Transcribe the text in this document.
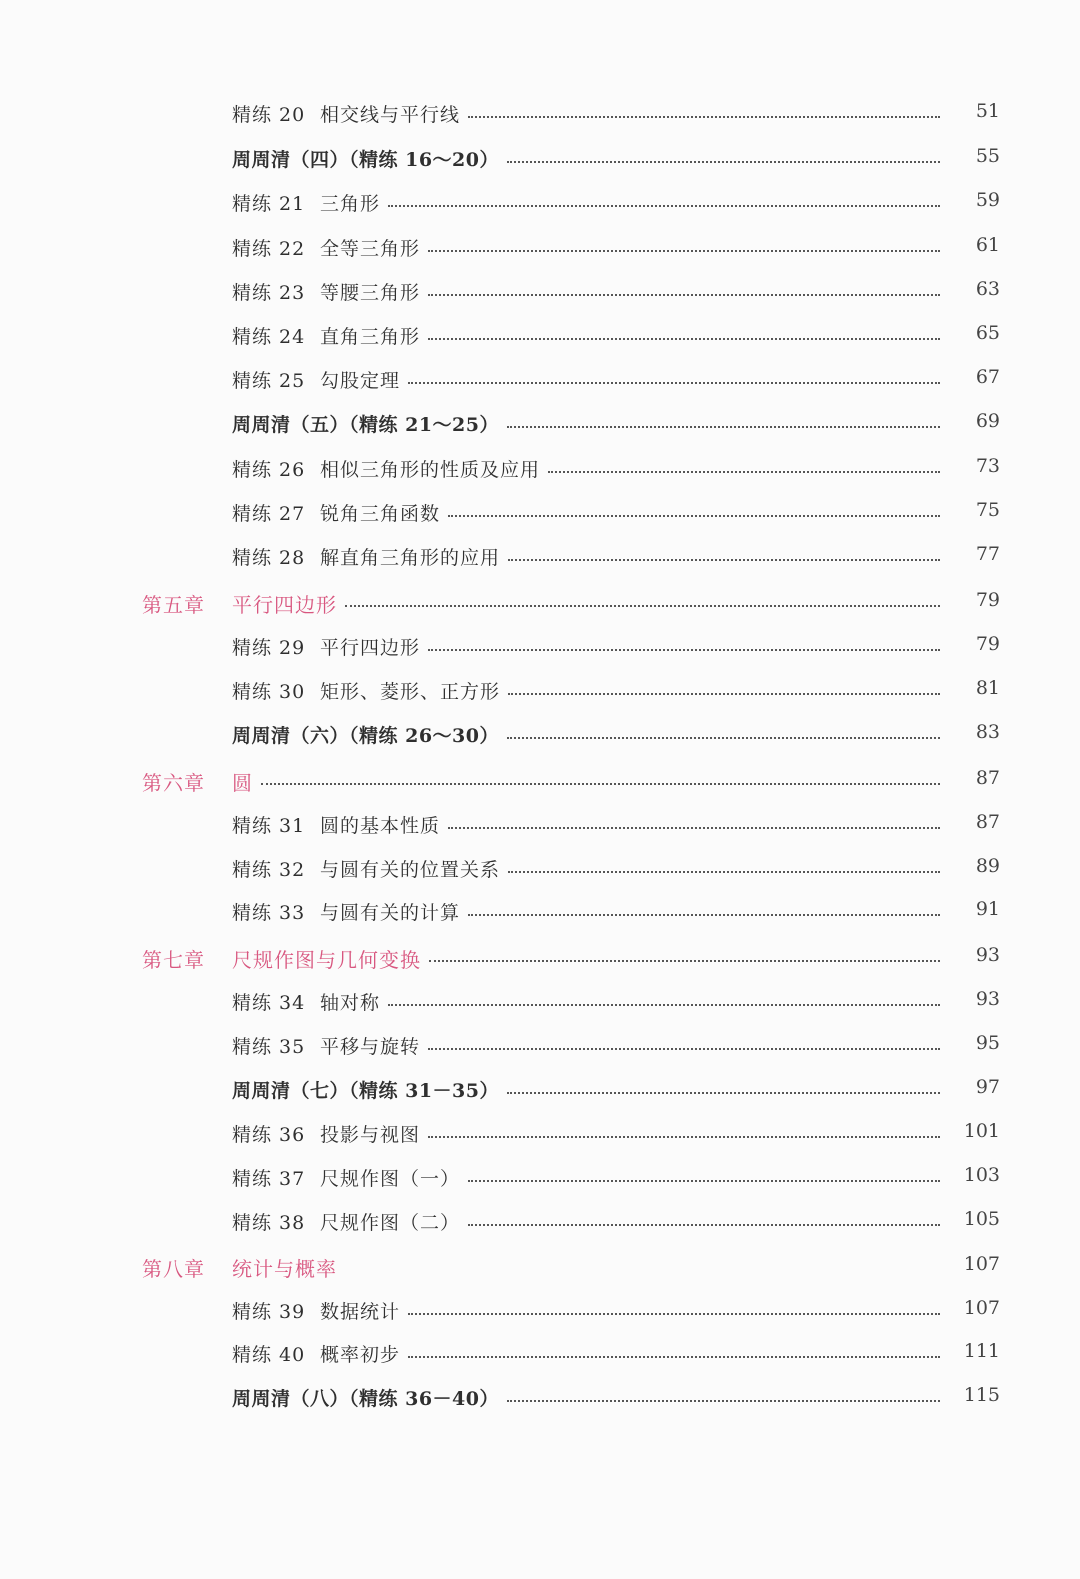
精练 20 相交线与平行线	51
周周清（四）（精练 16～20）	55
精练 21 三角形	59
精练 22 全等三角形	61
精练 23 等腰三角形	63
精练 24 直角三角形	65
精练 25 勾股定理	67
周周清（五）（精练 21～25）	69
精练 26 相似三角形的性质及应用	73
精练 27 锐角三角函数	75
精练 28 解直角三角形的应用	77
第五章 平行四边形	79
精练 29 平行四边形	79
精练 30 矩形、菱形、正方形	81
周周清（六）（精练 26～30）	83
第六章 圆	87
精练 31 圆的基本性质	87
精练 32 与圆有关的位置关系	89
精练 33 与圆有关的计算	91
第七章 尺规作图与几何变换	93
精练 34 轴对称	93
精练 35 平移与旋转	95
周周清（七）（精练 31－35）	97
精练 36 投影与视图	101
精练 37 尺规作图（一）	103
精练 38 尺规作图（二）	105
第八章 统计与概率	107
精练 39 数据统计	107
精练 40 概率初步	111
周周清（八）（精练 36－40）	115
